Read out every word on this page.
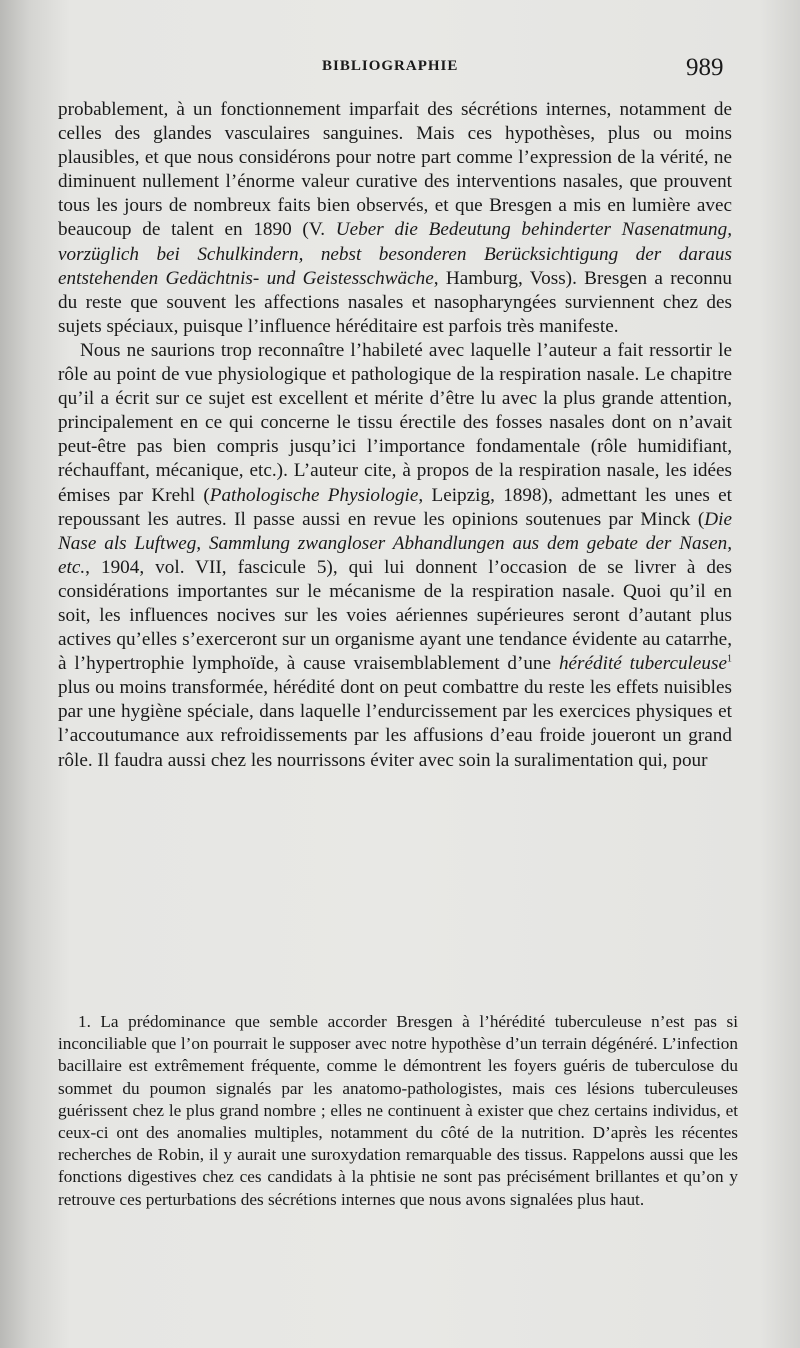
BIBLIOGRAPHIE	989

probablement, à un fonctionnement imparfait des sécrétions internes, notamment de celles des glandes vasculaires sanguines. Mais ces hypothèses, plus ou moins plausibles, et que nous considérons pour notre part comme l’expression de la vérité, ne diminuent nullement l’énorme valeur curative des interventions nasales, que prouvent tous les jours de nombreux faits bien observés, et que Bresgen a mis en lumière avec beaucoup de talent en 1890 (V. Ueber die Bedeutung behinderter Nasenatmung, vorzüglich bei Schulkindern, nebst besonderen Berücksichtigung der daraus entstehenden Gedächtnis- und Geistesschwäche, Hamburg, Voss). Bresgen a reconnu du reste que souvent les affections nasales et nasopharyngées surviennent chez des sujets spéciaux, puisque l’influence héréditaire est parfois très manifeste.

Nous ne saurions trop reconnaître l’habileté avec laquelle l’auteur a fait ressortir le rôle au point de vue physiologique et pathologique de la respiration nasale. Le chapitre qu’il a écrit sur ce sujet est excellent et mérite d’être lu avec la plus grande attention, principalement en ce qui concerne le tissu érectile des fosses nasales dont on n’avait peut-être pas bien compris jusqu’ici l’importance fondamentale (rôle humidifiant, réchauffant, mécanique, etc.). L’auteur cite, à propos de la respiration nasale, les idées émises par Krehl (Pathologische Physiologie, Leipzig, 1898), admettant les unes et repoussant les autres. Il passe aussi en revue les opinions soutenues par Minck (Die Nase als Luftweg, Sammlung zwangloser Abhandlungen aus dem gebate der Nasen, etc., 1904, vol. VII, fascicule 5), qui lui donnent l’occasion de se livrer à des considérations importantes sur le mécanisme de la respiration nasale. Quoi qu’il en soit, les influences nocives sur les voies aériennes supérieures seront d’autant plus actives qu’elles s’exerceront sur un organisme ayant une tendance évidente au catarrhe, à l’hypertrophie lymphoïde, à cause vraisemblablement d’une hérédité tuberculeuse$^1$ plus ou moins transformée, hérédité dont on peut combattre du reste les effets nuisibles par une hygiène spéciale, dans laquelle l’endurcissement par les exercices physiques et l’accoutumance aux refroidissements par les affusions d’eau froide joueront un grand rôle. Il faudra aussi chez les nourrissons éviter avec soin la suralimentation qui, pour

1. La prédominance que semble accorder Bresgen à l’hérédité tuberculeuse n’est pas si inconciliable que l’on pourrait le supposer avec notre hypothèse d’un terrain dégénéré. L’infection bacillaire est extrêmement fréquente, comme le démontrent les foyers guéris de tuberculose du sommet du poumon signalés par les anatomo-pathologistes, mais ces lésions tuberculeuses guérissent chez le plus grand nombre ; elles ne continuent à exister que chez certains individus, et ceux-ci ont des anomalies multiples, notamment du côté de la nutrition. D’après les récentes recherches de Robin, il y aurait une suroxydation remarquable des tissus. Rappelons aussi que les fonctions digestives chez ces candidats à la phtisie ne sont pas précisément brillantes et qu’on y retrouve ces perturbations des sécrétions internes que nous avons signalées plus haut.
